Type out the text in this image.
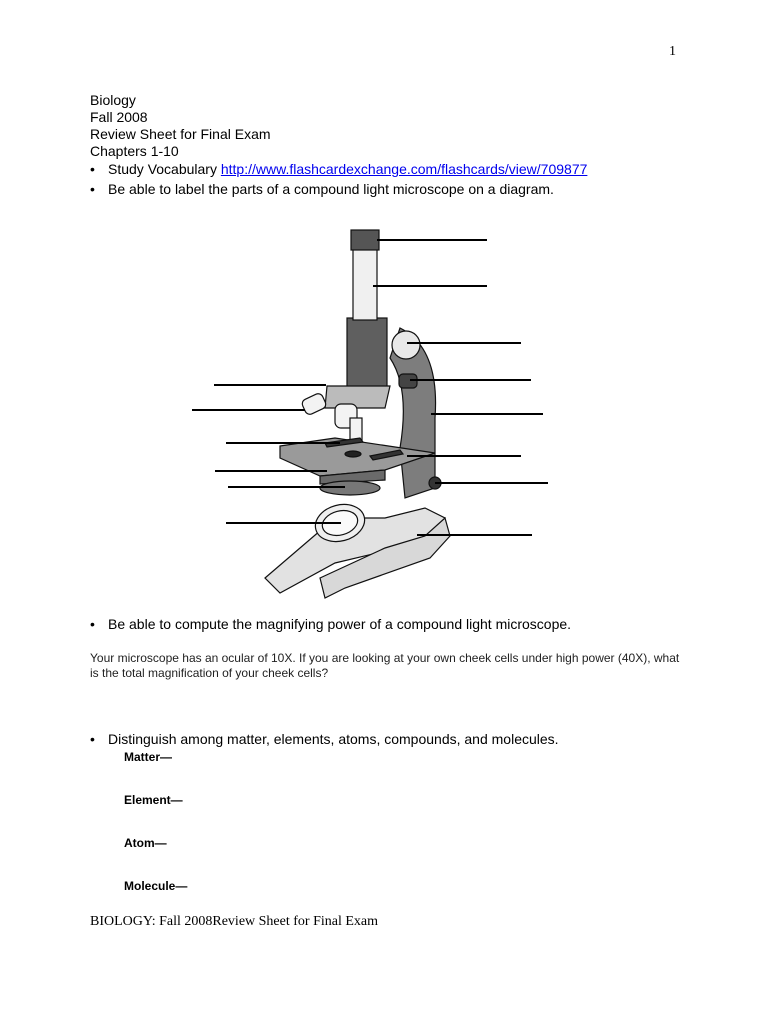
1
Biology
Fall 2008
Review Sheet for Final Exam
Chapters 1-10
• Study Vocabulary http://www.flashcardexchange.com/flashcards/view/709877
• Be able to label the parts of a compound light microscope on a diagram.
• Be able to compute the magnifying power of a compound light microscope.
Your microscope has an ocular of 10X. If you are looking at your own cheek cells under high power (40X), what is the total magnification of your cheek cells?
• Distinguish among matter, elements, atoms, compounds, and molecules.
Matter—
Element—
Atom—
Molecule—
BIOLOGY: Fall 2008Review Sheet for Final Exam
